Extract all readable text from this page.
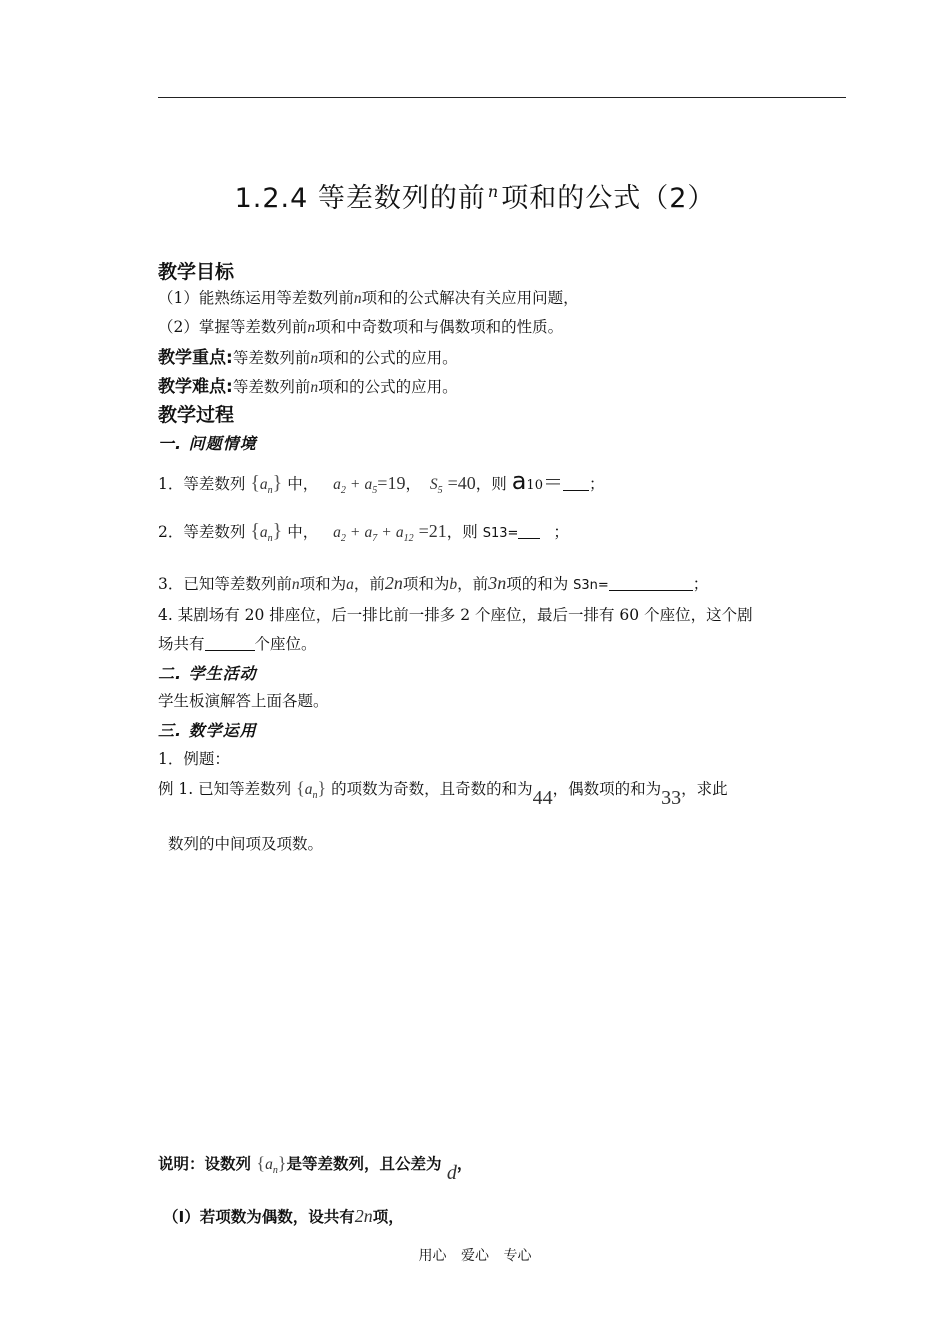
1.2.4 等差数列的前 $^n$项和的公式（2）
教学目标
（1）能熟练运用等差数列前n项和的公式解决有关应用问题，
（2）掌握等差数列前n项和中奇数项和与偶数项和的性质。
教学重点:等差数列前n项和的公式的应用。
教学难点:等差数列前n项和的公式的应用。
教学过程
一. 问题情境
1．等差数列 $\{a_n\}$ 中， $a_2 + a_5=19$， $S_5 =40$，则 a10＝ ；
2．等差数列 $\{a_n\}$ 中， $a_2 + a_7 + a_{12} =21$，则 S13= ；
3．已知等差数列前n项和为a，前2n项和为b，前3n项的和为 S3n=	；
4. 某剧场有 20 排座位，后一排比前一排多 2 个座位，最后一排有 60 个座位，这个剧
场共有	个座位。
二. 学生活动
学生板演解答上面各题。
三. 数学运用
1．例题：
例 1. 已知等差数列 $\{a_n\}$ 的项数为奇数，且奇数的和为44，偶数项的和为33，求此
数列的中间项及项数。
说明：设数列 $\{a_n\}$是等差数列，且公差为 d，
（Ⅰ）若项数为偶数，设共有2n项，
用心 爱心 专心
